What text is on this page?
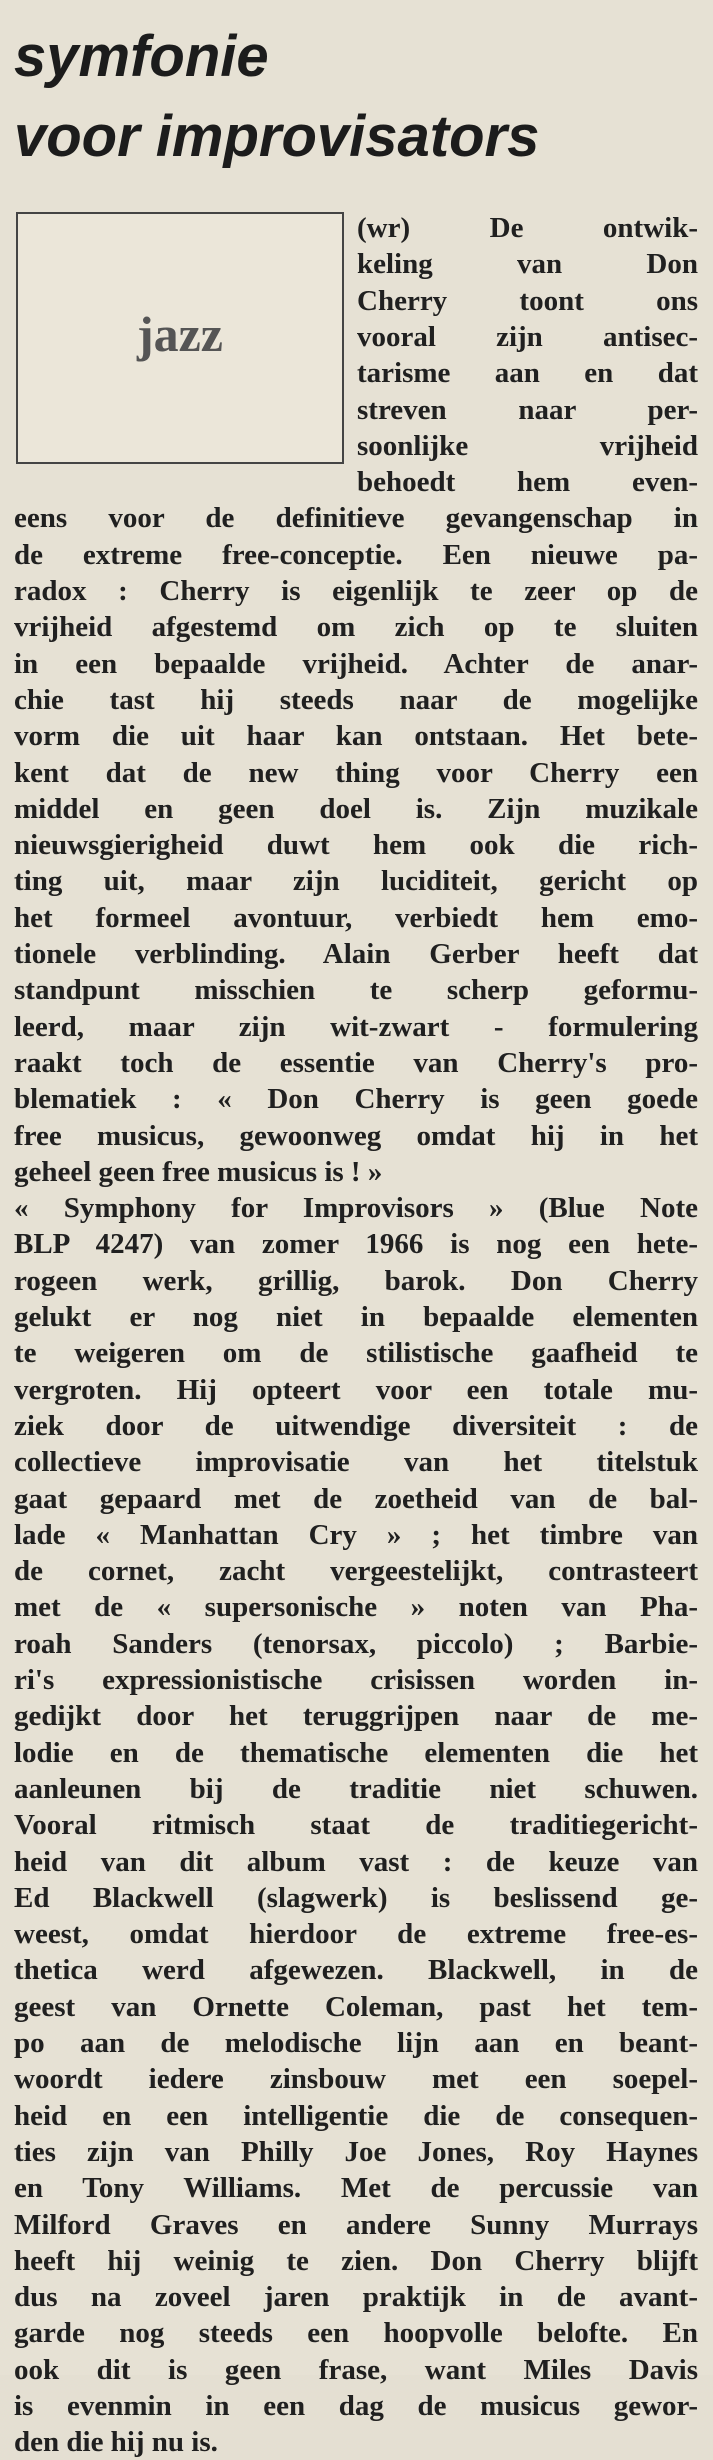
symfonie
voor improvisators
jazz

(wr) De ontwik-

keling van Don

Cherry toont ons

vooral zijn antisec-

tarisme aan en dat

streven naar per-

soonlijke vrijheid

behoedt hem even-

eens voor de definitieve gevangenschap in

de extreme free-conceptie. Een nieuwe pa-

radox : Cherry is eigenlijk te zeer op de

vrijheid afgestemd om zich op te sluiten

in een bepaalde vrijheid. Achter de anar-

chie tast hij steeds naar de mogelijke

vorm die uit haar kan ontstaan. Het bete-

kent dat de new thing voor Cherry een

middel en geen doel is. Zijn muzikale

nieuwsgierigheid duwt hem ook die rich-

ting uit, maar zijn luciditeit, gericht op

het formeel avontuur, verbiedt hem emo-

tionele verblinding. Alain Gerber heeft dat

standpunt misschien te scherp geformu-

leerd, maar zijn wit-zwart - formulering

raakt toch de essentie van Cherry's pro-

blematiek : « Don Cherry is geen goede

free musicus, gewoonweg omdat hij in het

geheel geen free musicus is ! »

« Symphony for Improvisors » (Blue Note

BLP 4247) van zomer 1966 is nog een hete-

rogeen werk, grillig, barok. Don Cherry

gelukt er nog niet in bepaalde elementen

te weigeren om de stilistische gaafheid te

vergroten. Hij opteert voor een totale mu-

ziek door de uitwendige diversiteit : de

collectieve improvisatie van het titelstuk

gaat gepaard met de zoetheid van de bal-

lade « Manhattan Cry » ; het timbre van

de cornet, zacht vergeestelijkt, contrasteert

met de « supersonische » noten van Pha-

roah Sanders (tenorsax, piccolo) ; Barbie-

ri's expressionistische crisissen worden in-

gedijkt door het teruggrijpen naar de me-

lodie en de thematische elementen die het

aanleunen bij de traditie niet schuwen.

Vooral ritmisch staat de traditiegericht-

heid van dit album vast : de keuze van

Ed Blackwell (slagwerk) is beslissend ge-

weest, omdat hierdoor de extreme free-es-

thetica werd afgewezen. Blackwell, in de

geest van Ornette Coleman, past het tem-

po aan de melodische lijn aan en beant-

woordt iedere zinsbouw met een soepel-

heid en een intelligentie die de consequen-

ties zijn van Philly Joe Jones, Roy Haynes

en Tony Williams. Met de percussie van

Milford Graves en andere Sunny Murrays

heeft hij weinig te zien. Don Cherry blijft

dus na zoveel jaren praktijk in de avant-

garde nog steeds een hoopvolle belofte. En

ook dit is geen frase, want Miles Davis

is evenmin in een dag de musicus gewor-

den die hij nu is.
